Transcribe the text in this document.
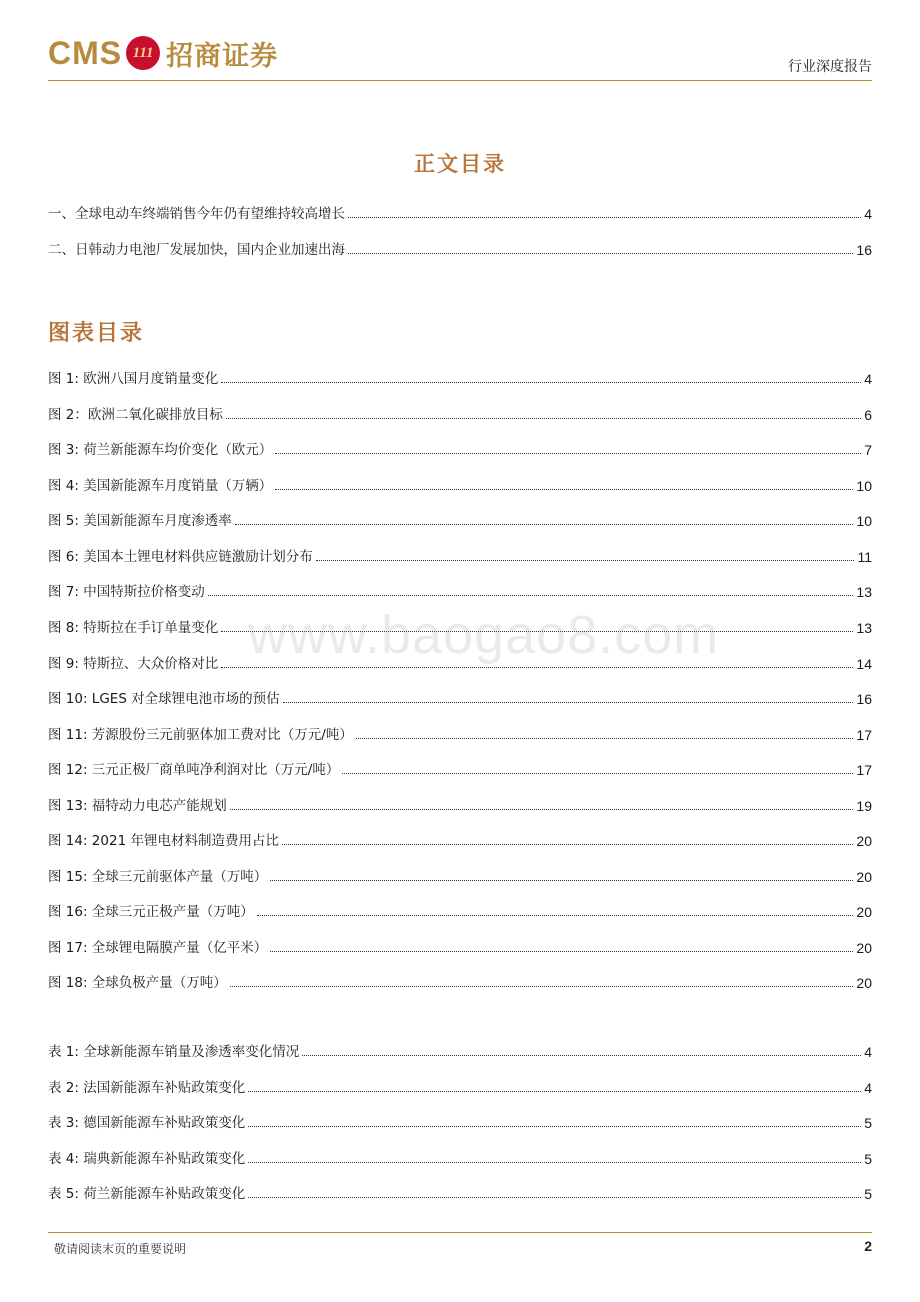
CMS 111 招商证券	行业深度报告
正文目录
一、全球电动车终端销售今年仍有望维持较高增长	4
二、日韩动力电池厂发展加快，国内企业加速出海	16
图表目录
图 1: 欧洲八国月度销量变化	4
图 2：欧洲二氧化碳排放目标	6
图 3: 荷兰新能源车均价变化（欧元）	7
图 4: 美国新能源车月度销量（万辆）	10
图 5: 美国新能源车月度渗透率	10
图 6: 美国本土锂电材料供应链激励计划分布	11
图 7: 中国特斯拉价格变动	13
图 8: 特斯拉在手订单量变化	13
图 9: 特斯拉、大众价格对比	14
图 10: LGES 对全球锂电池市场的预估	16
图 11: 芳源股份三元前驱体加工费对比（万元/吨）	17
图 12: 三元正极厂商单吨净利润对比（万元/吨）	17
图 13: 福特动力电芯产能规划	19
图 14: 2021 年锂电材料制造费用占比	20
图 15: 全球三元前驱体产量（万吨）	20
图 16: 全球三元正极产量（万吨）	20
图 17: 全球锂电隔膜产量（亿平米）	20
图 18: 全球负极产量（万吨）	20
表 1: 全球新能源车销量及渗透率变化情况	4
表 2: 法国新能源车补贴政策变化	4
表 3: 德国新能源车补贴政策变化	5
表 4: 瑞典新能源车补贴政策变化	5
表 5: 荷兰新能源车补贴政策变化	5
www.baogao8.com
敬请阅读末页的重要说明	2
